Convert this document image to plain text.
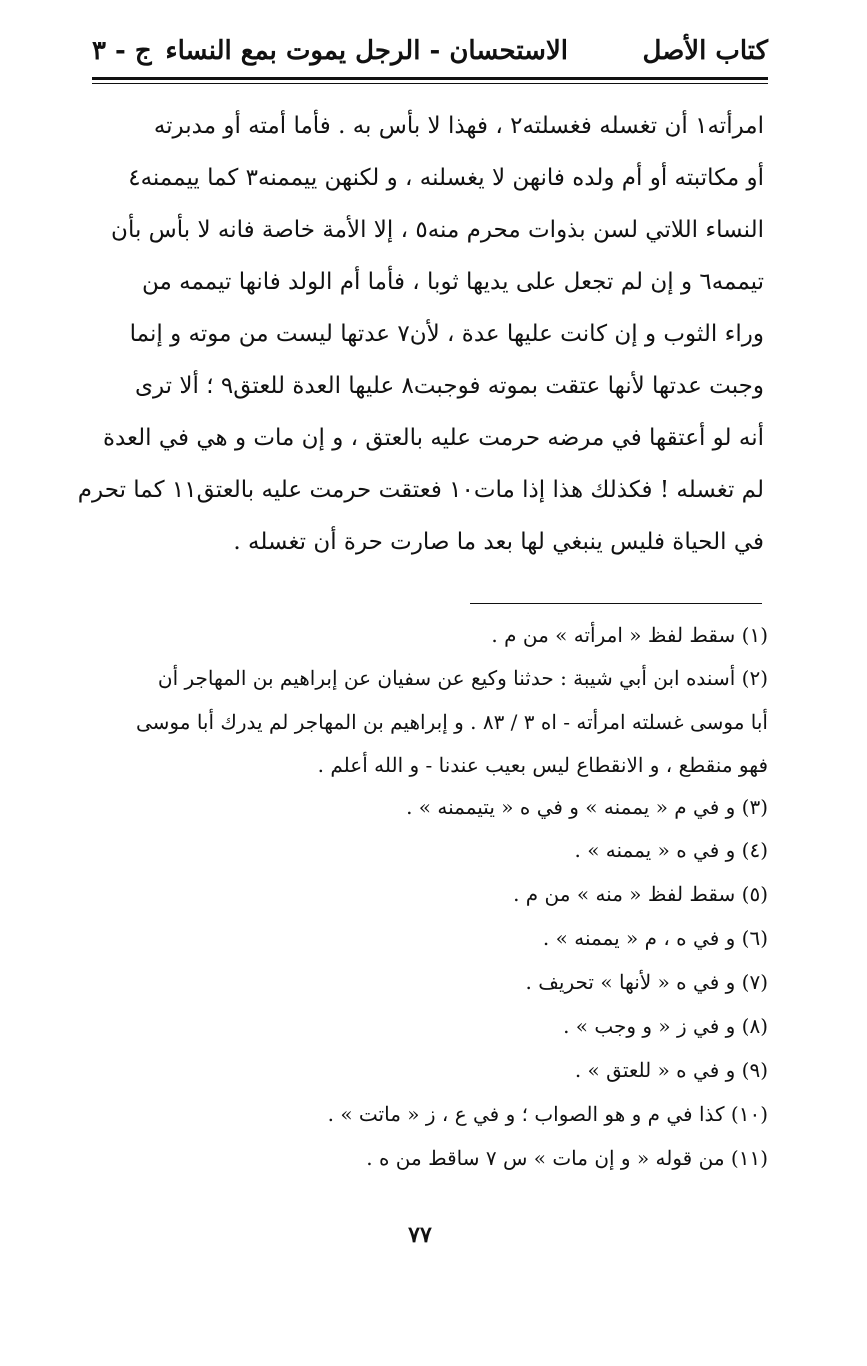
كتاب الأصل
الاستحسان - الرجل يموت بمع النساء
ج - ٣
امرأته١ أن تغسله فغسلته٢ ، فهذا لا بأس به . فأما أمته أو مدبرته
أو مكاتبته أو أم ولده فانهن لا يغسلنه ، و لكنهن ييممنه٣ كما ييممنه٤
النساء اللاتي لسن بذوات محرم منه٥ ، إلا الأمة خاصة فانه لا بأس بأن
تيممه٦ و إن لم تجعل على يديها ثوبا ، فأما أم الولد فانها تيممه من
وراء الثوب و إن كانت عليها عدة ، لأن٧ عدتها ليست من موته و إنما
وجبت عدتها لأنها عتقت بموته فوجبت٨ عليها العدة للعتق٩ ؛ ألا ترى
أنه لو أعتقها في مرضه حرمت عليه بالعتق ، و إن مات و هي في العدة
لم تغسله ! فكذلك هذا إذا مات١٠ فعتقت حرمت عليه بالعتق١١ كما تحرم
في الحياة فليس ينبغي لها بعد ما صارت حرة أن تغسله .
(١) سقط لفظ « امرأته » من م .
(٢) أسنده ابن أبي شيبة : حدثنا وكيع عن سفيان عن إبراهيم بن المهاجر أن
أبا موسى غسلته امرأته - اه ٣ / ٨٣ . و إبراهيم بن المهاجر لم يدرك أبا موسى
فهو منقطع ، و الانقطاع ليس بعيب عندنا - و الله أعلم .
(٣) و في م « يممنه » و في ه « يتيممنه » .
(٤) و في ه « يممنه » .
(٥) سقط لفظ « منه » من م .
(٦) و في ه ، م « يممنه » .
(٧) و في ه « لأنها » تحريف .
(٨) و في ز « و وجب » .
(٩) و في ه « للعتق » .
(١٠) كذا في م و هو الصواب ؛ و في ع ، ز « ماتت » .
(١١) من قوله « و إن مات » س ٧ ساقط من ه .
٧٧
